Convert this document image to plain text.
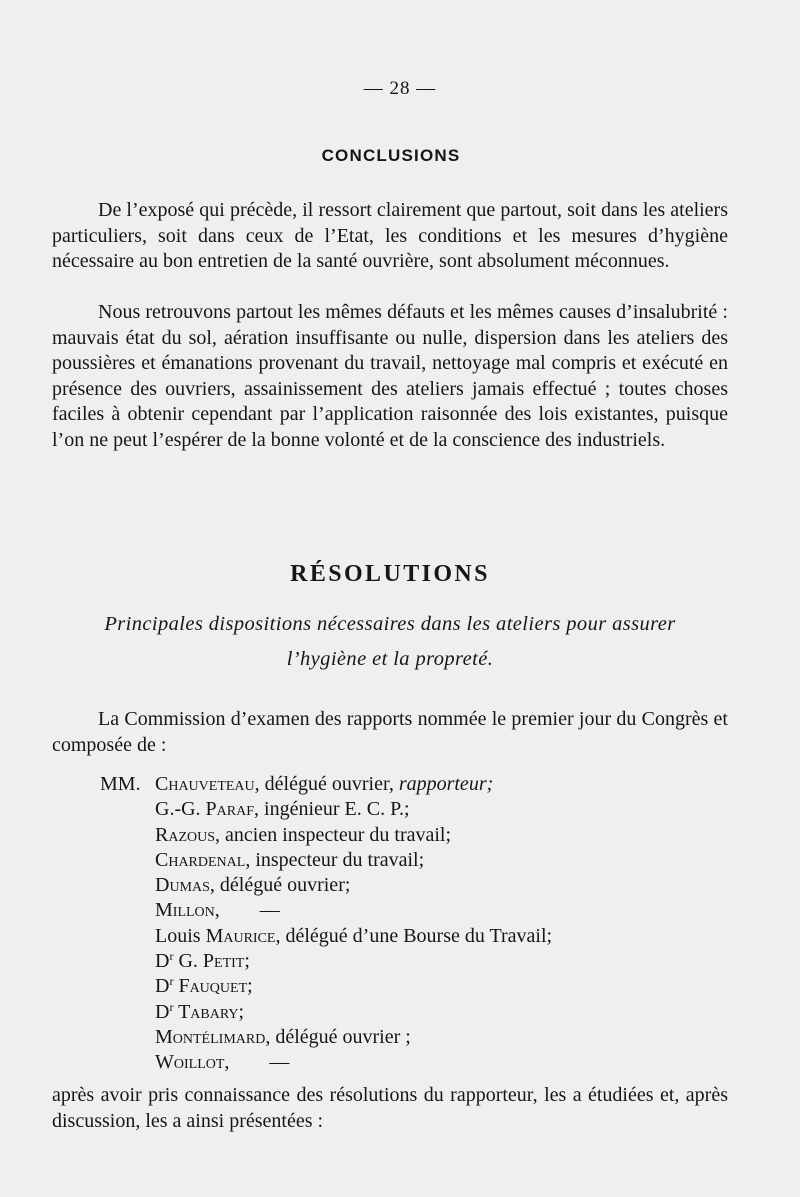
— 28 —
CONCLUSIONS

De l’exposé qui précède, il ressort clairement que partout, soit dans les ateliers particuliers, soit dans ceux de l’Etat, les conditions et les mesures d’hygiène nécessaire au bon entretien de la santé ouvrière, sont absolument méconnues.

Nous retrouvons partout les mêmes défauts et les mêmes causes d’insalubrité : mauvais état du sol, aération insuffisante ou nulle, dispersion dans les ateliers des poussières et émanations provenant du travail, nettoyage mal compris et exécuté en présence des ouvriers, assainissement des ateliers jamais effectué ; toutes choses faciles à obtenir cependant par l’application raisonnée des lois existantes, puisque l’on ne peut l’espérer de la bonne volonté et de la conscience des industriels.

RÉSOLUTIONS
Principales dispositions nécessaires dans les ateliers pour assurer
l’hygiène et la propreté.

La Commission d’examen des rapports nommée le premier jour du Congrès et composée de :

MM. Chauveteau, délégué ouvrier, rapporteur;
G.-G. Paraf, ingénieur E. C. P.;
Razous, ancien inspecteur du travail;
Chardenal, inspecteur du travail;
Dumas, délégué ouvrier;
Millon,        —
Louis Maurice, délégué d’une Bourse du Travail;
$D^r$ G. Petit;
$D^r$ Fauquet;
$D^r$ Tabary;
Montélimard, délégué ouvrier ;
Woillot,        —

après avoir pris connaissance des résolutions du rapporteur, les a étudiées et, après discussion, les a ainsi présentées :
